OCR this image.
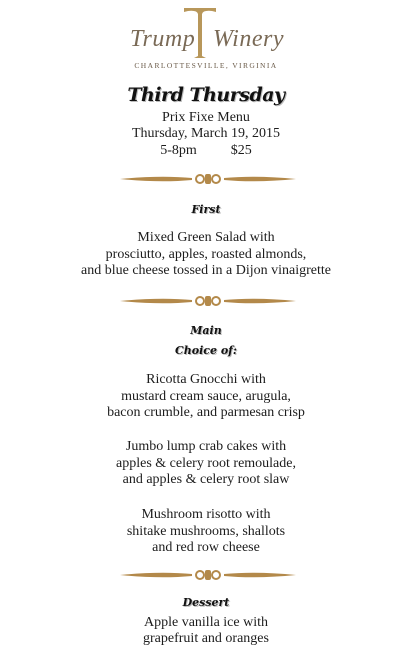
Trump Winery
CHARLOTTESVILLE, VIRGINIA
Third Thursday
Prix Fixe Menu
Thursday, March 19, 2015
5-8pm $25
First
Mixed Green Salad with
prosciutto, apples, roasted almonds,
and blue cheese tossed in a Dijon vinaigrette
Main
Choice of:
Ricotta Gnocchi with
mustard cream sauce, arugula,
bacon crumble, and parmesan crisp
Jumbo lump crab cakes with
apples & celery root remoulade,
and apples & celery root slaw
Mushroom risotto with
shitake mushrooms, shallots
and red row cheese
Dessert
Apple vanilla ice with
grapefruit and oranges
